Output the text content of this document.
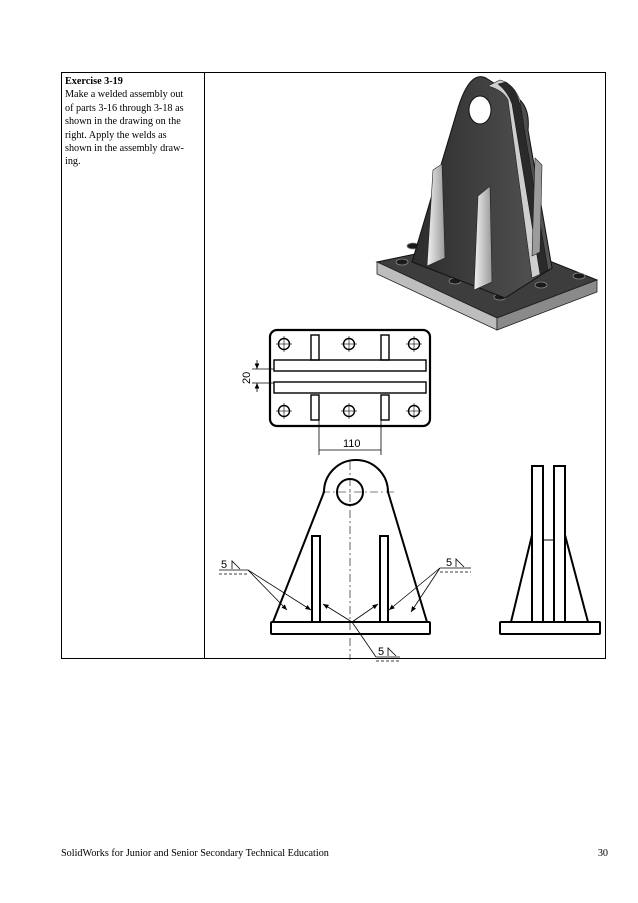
Exercise 3-19
Make a welded assembly out
of parts 3-16 through 3-18 as
shown in the drawing on the
right. Apply the welds as
shown in the assembly draw-
ing.
20
110
5	5
5
SolidWorks for Junior and Senior Secondary Technical Education	30
